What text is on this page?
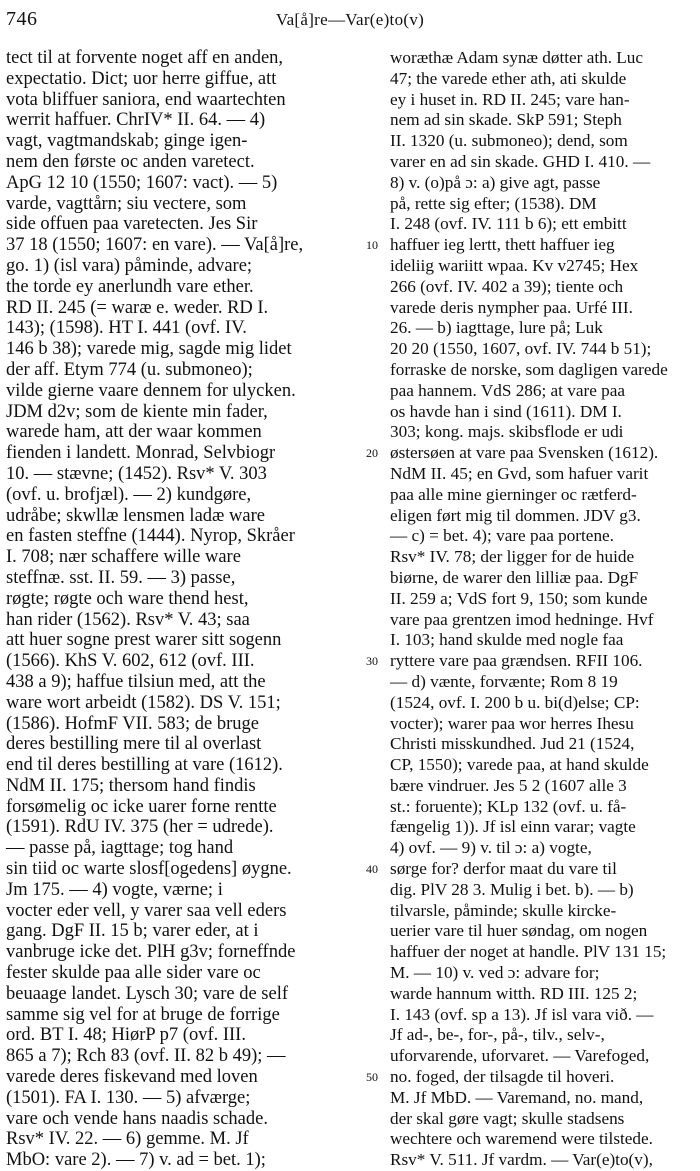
746	Va[å]re—Var(e)to(v)
tect til at forvente noget aff en anden,
expectatio. Dict; uor herre giffue, att
vota bliffuer saniora, end waartechten
werrit haffuer. ChrIV* II. 64. — 4)
vagt, vagtmandskab; ginge igen-
nem den første oc anden varetect.
ApG 12 10 (1550; 1607: vact). — 5)
varde, vagttårn; siu vectere, som
side offuen paa varetecten. Jes Sir
37 18 (1550; 1607: en vare). — Va[å]re,
go. 1) (isl vara) påminde, advare;
the torde ey anerlundh vare ether.
RD II. 245 (= waræ e. weder. RD I.
143); (1598). HT I. 441 (ovf. IV.
146 b 38); varede mig, sagde mig lidet
der aff. Etym 774 (u. submoneo);
vilde gierne vaare dennem for ulycken.
JDM d2v; som de kiente min fader,
warede ham, att der waar kommen
fienden i landett. Monrad, Selvbiogr
10. — stævne; (1452). Rsv* V. 303
(ovf. u. brofjæl). — 2) kundgøre,
udråbe; skwllæ lensmen ladæ ware
en fasten steffne (1444). Nyrop, Skråer
I. 708; nær schaffere wille ware
steffnæ. sst. II. 59. — 3) passe,
røgte; røgte och ware thend hest,
han rider (1562). Rsv* V. 43; saa
att huer sogne prest warer sitt sogenn
(1566). KhS V. 602, 612 (ovf. III.
438 a 9); haffue tilsiun med, att the
ware wort arbeidt (1582). DS V. 151;
(1586). HofmF VII. 583; de bruge
deres bestilling mere til al overlast
end til deres bestilling at vare (1612).
NdM II. 175; thersom hand findis
forsømelig oc icke uarer forne rentte
(1591). RdU IV. 375 (her = udrede).
— passe på, iagttage; tog hand
sin tiid oc warte slosf[ogedens] øygne.
Jm 175. — 4) vogte, værne; i
vocter eder vell, y varer saa vell eders
gang. DgF II. 15 b; varer eder, at i
vanbruge icke det. PlH g3v; forneffnde
fester skulde paa alle sider vare oc
beuaage landet. Lysch 30; vare de self
samme sig vel for at bruge de forrige
ord. BT I. 48; HiørP p7 (ovf. III.
865 a 7); Rch 83 (ovf. II. 82 b 49); —
varede deres fiskevand med loven
(1501). FA I. 130. — 5) afværge;
vare och vende hans naadis schade.
Rsv* IV. 22. — 6) gemme. M. Jf
MbO: vare 2). — 7) v. ad = bet. 1);
10
20
30
40
50
woræthæ Adam synæ døtter ath. Luc
47; the varede ether ath, ati skulde
ey i huset in. RD II. 245; vare han-
nem ad sin skade. SkP 591; Steph
II. 1320 (u. submoneo); dend, som
varer en ad sin skade. GHD I. 410. —
8) v. (o)på ɔ: a) give agt, passe
på, rette sig efter; (1538). DM
I. 248 (ovf. IV. 111 b 6); ett embitt
haffuer ieg lertt, thett haffuer ieg
ideliig wariitt wpaa. Kv v2745; Hex
266 (ovf. IV. 402 a 39); tiente och
varede deris nympher paa. Urfé III.
26. — b) iagttage, lure på; Luk
20 20 (1550, 1607, ovf. IV. 744 b 51);
forraske de norske, som dagligen varede
paa hannem. VdS 286; at vare paa
os havde han i sind (1611). DM I.
303; kong. majs. skibsflode er udi
østersøen at vare paa Svensken (1612).
NdM II. 45; en Gvd, som hafuer varit
paa alle mine gierninger oc rætferd-
eligen ført mig til dommen. JDV g3.
— c) = bet. 4); vare paa portene.
Rsv* IV. 78; der ligger for de huide
biørne, de warer den lilliæ paa. DgF
II. 259 a; VdS fort 9, 150; som kunde
vare paa grentzen imod hedninge. Hvf
I. 103; hand skulde med nogle faa
ryttere vare paa grændsen. RFII 106.
— d) vænte, forvænte; Rom 8 19
(1524, ovf. I. 200 b u. bi(d)else; CP:
vocter); warer paa wor herres Ihesu
Christi misskundhed. Jud 21 (1524,
CP, 1550); varede paa, at hand skulde
bære vindruer. Jes 5 2 (1607 alle 3
st.: foruente); KLp 132 (ovf. u. få-
fængelig 1)). Jf isl einn varar; vagte
4) ovf. — 9) v. til ɔ: a) vogte,
sørge for? derfor maat du vare til
dig. PlV 28 3. Mulig i bet. b). — b)
tilvarsle, påminde; skulle kircke-
uerier vare til huer søndag, om nogen
haffuer der noget at handle. PlV 131 15;
M. — 10) v. ved ɔ: advare for;
warde hannum witth. RD III. 125 2;
I. 143 (ovf. sp a 13). Jf isl vara við. —
Jf ad-, be-, for-, på-, tilv., selv-,
uforvarende, uforvaret. — Varefoged,
no. foged, der tilsagde til hoveri.
M. Jf MbD. — Varemand, no. mand,
der skal gøre vagt; skulle stadsens
wechtere och waremend were tilstede.
Rsv* V. 511. Jf vardm. — Var(e)to(v),
